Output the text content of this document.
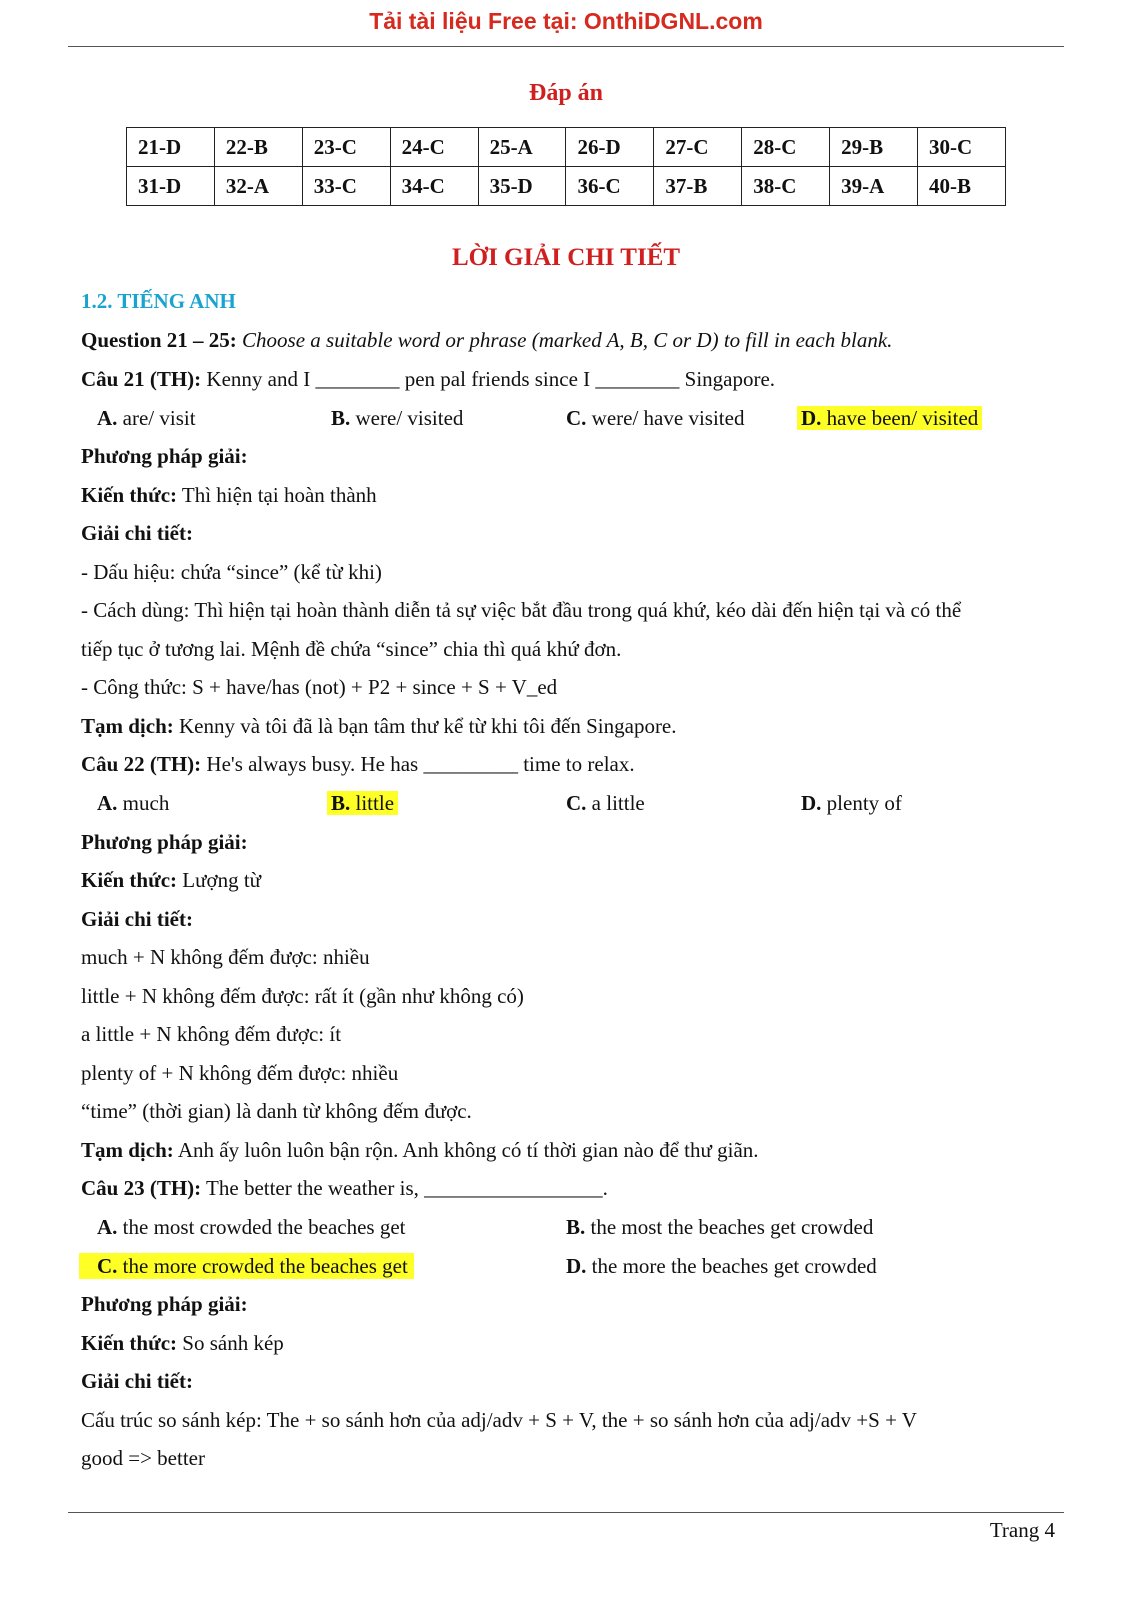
Tải tài liệu Free tại: OnthiDGNL.com
Đáp án
21-D	22-B	23-C	24-C	25-A	26-D	27-C	28-C	29-B	30-C
31-D	32-A	33-C	34-C	35-D	36-C	37-B	38-C	39-A	40-B
LỜI GIẢI CHI TIẾT
1.2. TIẾNG ANH
Question 21 – 25: Choose a suitable word or phrase (marked A, B, C or D) to fill in each blank.
Câu 21 (TH): Kenny and I ________ pen pal friends since I ________ Singapore.
A. are/ visit	B. were/ visited	C. were/ have visited	D. have been/ visited
Phương pháp giải:
Kiến thức: Thì hiện tại hoàn thành
Giải chi tiết:
- Dấu hiệu: chứa “since” (kể từ khi)
- Cách dùng: Thì hiện tại hoàn thành diễn tả sự việc bắt đầu trong quá khứ, kéo dài đến hiện tại và có thể
tiếp tục ở tương lai. Mệnh đề chứa “since” chia thì quá khứ đơn.
- Công thức: S + have/has (not) + P2 + since + S + V_ed
Tạm dịch: Kenny và tôi đã là bạn tâm thư kể từ khi tôi đến Singapore.
Câu 22 (TH): He's always busy. He has _________ time to relax.
A. much	B. little	C. a little	D. plenty of
Phương pháp giải:
Kiến thức: Lượng từ
Giải chi tiết:
much + N không đếm được: nhiều
little + N không đếm được: rất ít (gần như không có)
a little + N không đếm được: ít
plenty of + N không đếm được: nhiều
“time” (thời gian) là danh từ không đếm được.
Tạm dịch: Anh ấy luôn luôn bận rộn. Anh không có tí thời gian nào để thư giãn.
Câu 23 (TH): The better the weather is, _________________.
A. the most crowded the beaches get	B. the most the beaches get crowded
C. the more crowded the beaches get	D. the more the beaches get crowded
Phương pháp giải:
Kiến thức: So sánh kép
Giải chi tiết:
Cấu trúc so sánh kép: The + so sánh hơn của adj/adv + S + V, the + so sánh hơn của adj/adv +S + V
good => better
Trang 4
